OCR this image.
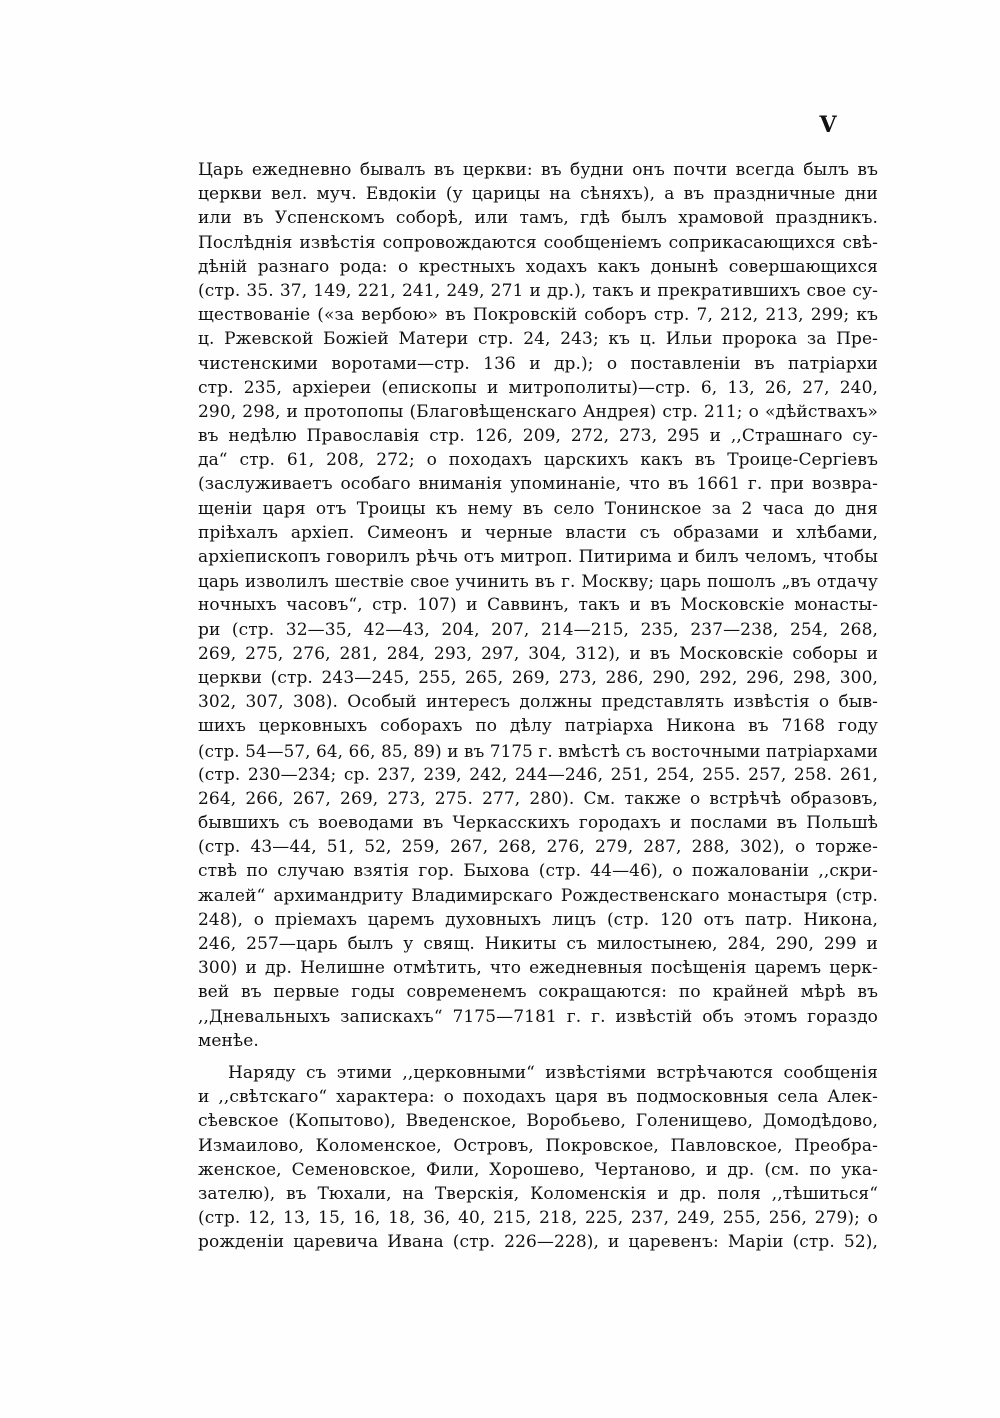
V
Царь ежедневно бывалъ въ церкви: въ будни онъ почти всегда былъ въ
церкви вел. муч. Евдокіи (у царицы на сѣняхъ), а въ праздничные дни
или въ Успенскомъ соборѣ, или тамъ, гдѣ былъ храмовой праздникъ.
Послѣднія извѣстія сопровождаются сообщеніемъ соприкасающихся свѣ-
дѣній разнаго рода: о крестныхъ ходахъ какъ донынѣ совершающихся
(стр. 35. 37, 149, 221, 241, 249, 271 и др.), такъ и прекратившихъ свое су-
ществованіе («за вербою» въ Покровскій соборъ стр. 7, 212, 213, 299; къ
ц. Ржевской Божіей Матери стр. 24, 243; къ ц. Ильи пророка за Пре-
чистенскими воротами—стр. 136 и др.); о поставленіи въ патріархи
стр. 235, архіереи (епископы и митрополиты)—стр. 6, 13, 26, 27, 240,
290, 298, и протопопы (Благовѣщенскаго Андрея) стр. 211; о «дѣйствахъ»
въ недѣлю Православія стр. 126, 209, 272, 273, 295 и ,,Страшнаго су-
да“ стр. 61, 208, 272; о походахъ царскихъ какъ въ Троице-Сергіевъ
(заслуживаетъ особаго вниманія упоминаніе, что въ 1661 г. при возвра-
щеніи царя отъ Троицы къ нему въ село Тонинское за 2 часа до дня
пріѣхалъ архіеп. Симеонъ и черные власти съ образами и хлѣбами,
архіепископъ говорилъ рѣчь отъ митроп. Питирима и билъ челомъ, чтобы
царь изволилъ шествіе свое учинить въ г. Москву; царь пошолъ „въ отдачу
ночныхъ часовъ“, стр. 107) и Саввинъ, такъ и въ Московскіе монасты-
ри (стр. 32—35, 42—43, 204, 207, 214—215, 235, 237—238, 254, 268,
269, 275, 276, 281, 284, 293, 297, 304, 312), и въ Московскіе соборы и
церкви (стр. 243—245, 255, 265, 269, 273, 286, 290, 292, 296, 298, 300,
302, 307, 308). Особый интересъ должны представлять извѣстія о быв-
шихъ церковныхъ соборахъ по дѣлу патріарха Никона въ 7168 году
(стр. 54—57, 64, 66, 85, 89) и въ 7175 г. вмѣстѣ съ восточными патріархами
(стр. 230—234; ср. 237, 239, 242, 244—246, 251, 254, 255. 257, 258. 261,
264, 266, 267, 269, 273, 275. 277, 280). См. также о встрѣчѣ образовъ,
бывшихъ съ воеводами въ Черкасскихъ городахъ и послами въ Польшѣ
(стр. 43—44, 51, 52, 259, 267, 268, 276, 279, 287, 288, 302), о торже-
ствѣ по случаю взятія гор. Быхова (стр. 44—46), о пожалованіи ,,скри-
жалей“ архимандриту Владимирскаго Рождественскаго монастыря (стр.
248), о пріемахъ царемъ духовныхъ лицъ (стр. 120 отъ патр. Никона,
246, 257—царь былъ у свящ. Никиты съ милостынею, 284, 290, 299 и
300) и др. Нелишне отмѣтить, что ежедневныя посѣщенія царемъ церк-
вей въ первые годы современемъ сокращаются: по крайней мѣрѣ въ
,,Дневальныхъ запискахъ“ 7175—7181 г. г. извѣстій объ этомъ гораздо
менѣе.
Наряду съ этими ,,церковными“ извѣстіями встрѣчаются сообщенія
и ,,свѣтскаго“ характера: о походахъ царя въ подмосковныя села Алек-
сѣевское (Копытово), Введенское, Воробьево, Голенищево, Домодѣдово,
Измаилово, Коломенское, Островъ, Покровское, Павловское, Преобра-
женское, Семеновское, Фили, Хорошево, Чертаново, и др. (см. по ука-
зателю), въ Тюхали, на Тверскія, Коломенскія и др. поля ,,тѣшиться“
(стр. 12, 13, 15, 16, 18, 36, 40, 215, 218, 225, 237, 249, 255, 256, 279); о
рожденіи царевича Ивана (стр. 226—228), и царевенъ: Маріи (стр. 52),
